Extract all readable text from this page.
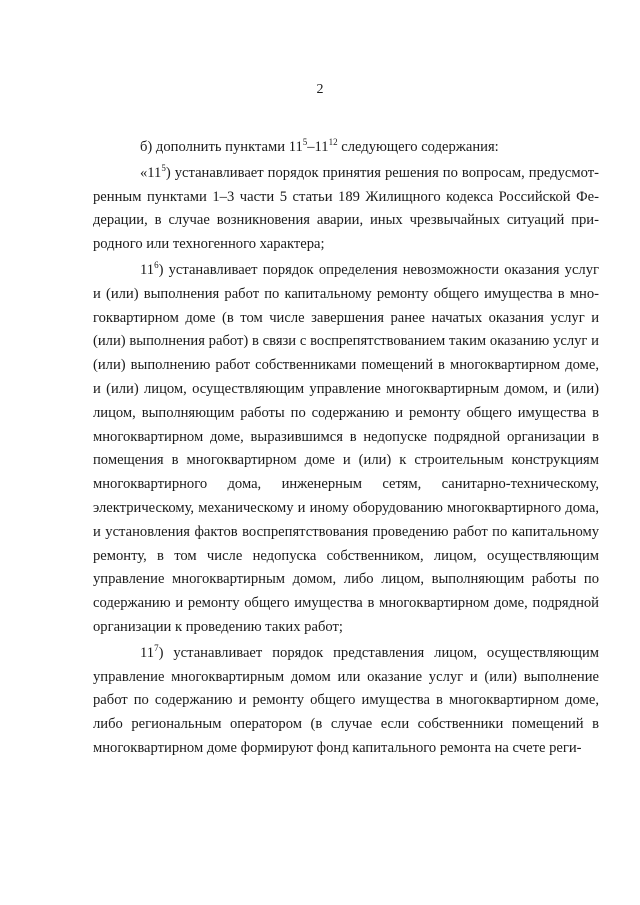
2

б) дополнить пунктами $11^5-11^{12}$ следующего содержания:

«$11^5$) устанавливает порядок принятия решения по вопросам, предусмотренным пунктами 1–3 части 5 статьи 189 Жилищного кодекса Российской Федерации, в случае возникновения аварии, иных чрезвычайных ситуаций природного или техногенного характера;

$11^6$) устанавливает порядок определения невозможности оказания услуг и (или) выполнения работ по капитальному ремонту общего имущества в многоквартирном доме (в том числе завершения ранее начатых оказания услуг и (или) выполнения работ) в связи с воспрепятствованием таким оказанию услуг и (или) выполнению работ собственниками помещений в многоквартирном доме, и (или) лицом, осуществляющим управление многоквартирным домом, и (или) лицом, выполняющим работы по содержанию и ремонту общего имущества в многоквартирном доме, выразившимся в недопуске подрядной организации в помещения в многоквартирном доме и (или) к строительным конструкциям многоквартирного дома, инженерным сетям, санитарно-техническому, электрическому, механическому и иному оборудованию многоквартирного дома, и установления фактов воспрепятствования проведению работ по капитальному ремонту, в том числе недопуска собственником, лицом, осуществляющим управление многоквартирным домом, либо лицом, выполняющим работы по содержанию и ремонту общего имущества в многоквартирном доме, подрядной организации к проведению таких работ;

$11^7$) устанавливает порядок представления лицом, осуществляющим управление многоквартирным домом или оказание услуг и (или) выполнение работ по содержанию и ремонту общего имущества в многоквартирном доме, либо региональным оператором (в случае если собственники помещений в многоквартирном доме формируют фонд капитального ремонта на счете реги-
